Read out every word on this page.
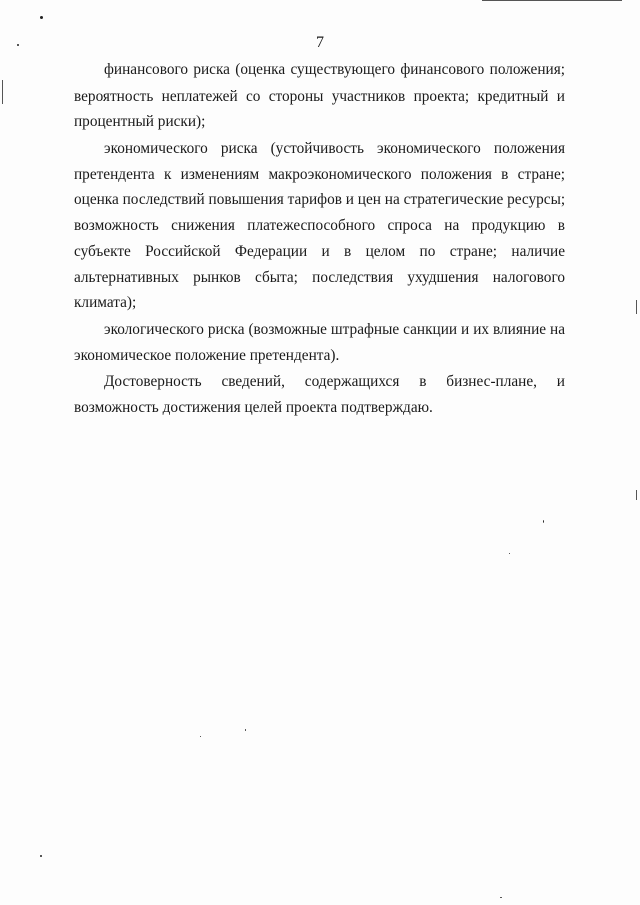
7
финансового риска (оценка существующего финансового положения;
вероятность неплатежей со стороны участников проекта; кредитный и
процентный риски);
экономического риска (устойчивость экономического положения
претендента к изменениям макроэкономического положения в стране;
оценка последствий повышения тарифов и цен на стратегические ресурсы;
возможность снижения платежеспособного спроса на продукцию в
субъекте Российской Федерации и в целом по стране; наличие
альтернативных рынков сбыта; последствия ухудшения налогового
климата);
экологического риска (возможные штрафные санкции и их влияние на
экономическое положение претендента).
Достоверность сведений, содержащихся в бизнес-плане, и
возможность достижения целей проекта подтверждаю.
